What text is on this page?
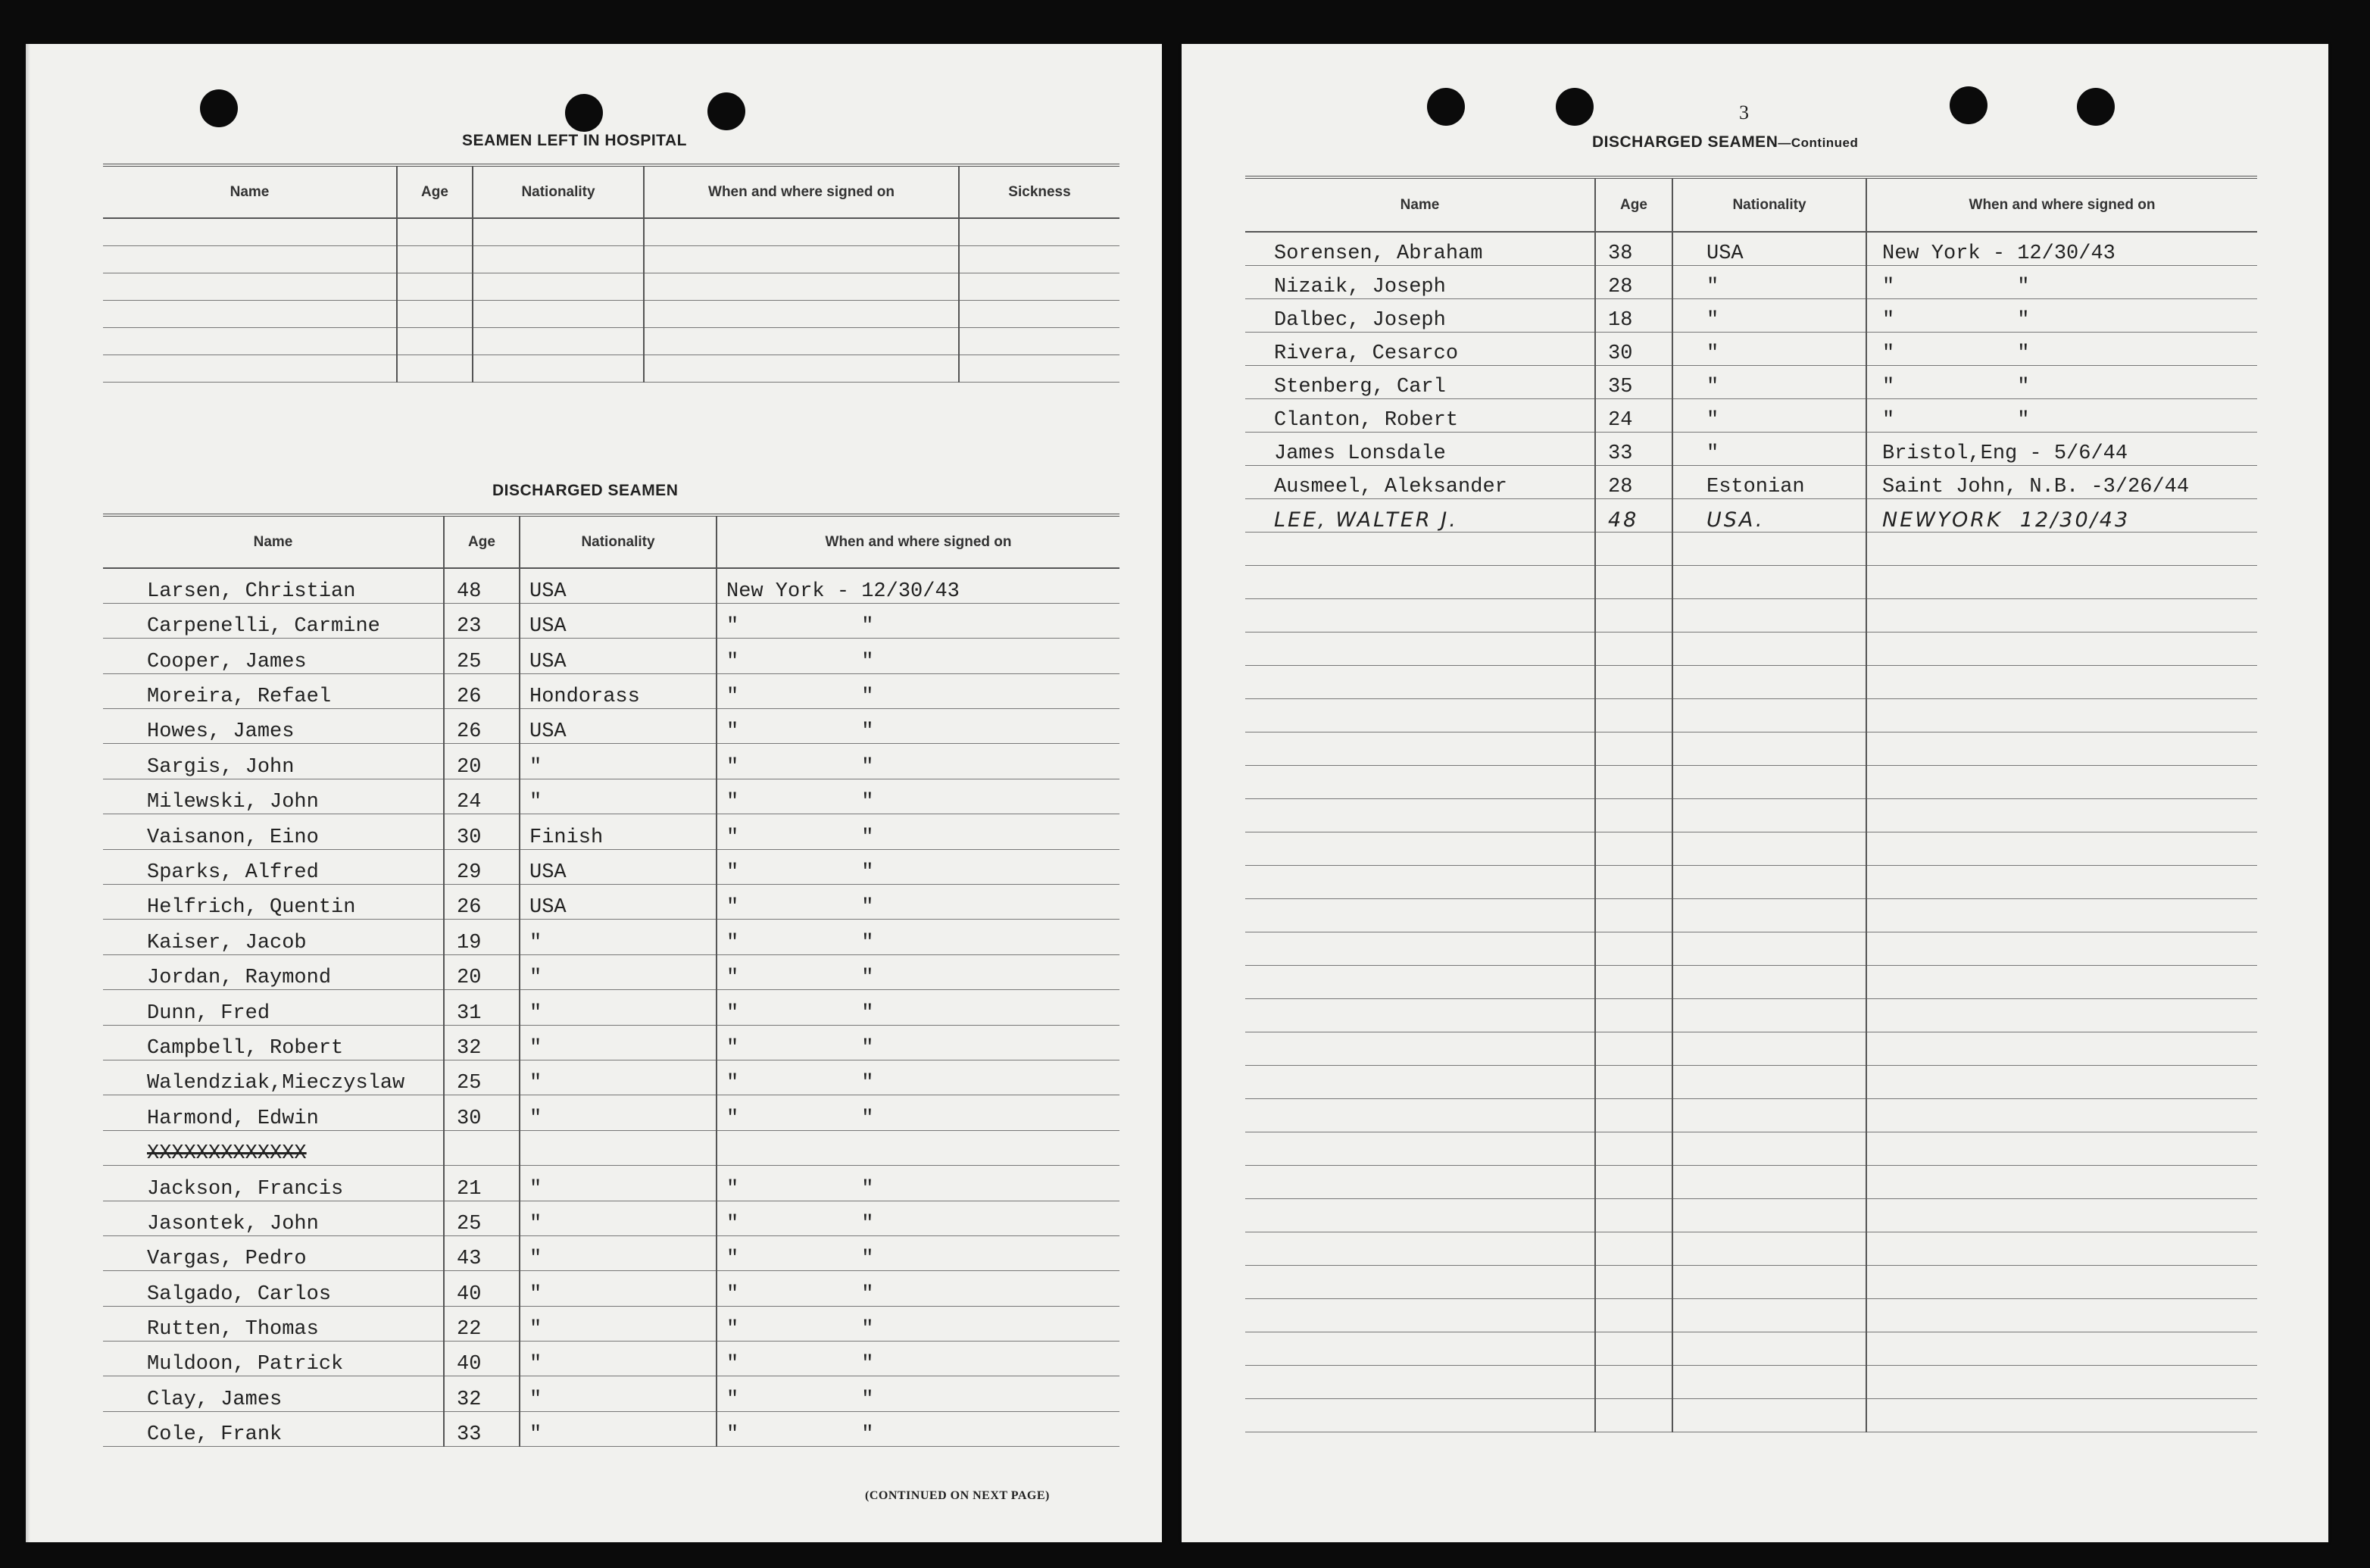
SEAMEN LEFT IN HOSPITAL
Name	Age	Nationality	When and where signed on	Sickness

DISCHARGED SEAMEN
Name	Age	Nationality	When and where signed on
Larsen, Christian	48	USA	New York - 12/30/43
Carpenelli, Carmine	23	USA	"          "
Cooper, James	25	USA	"          "
Moreira, Refael	26	Hondorass	"          "
Howes, James	26	USA	"          "
Sargis, John	20	"	"          "
Milewski, John	24	"	"          "
Vaisanon, Eino	30	Finish	"          "
Sparks, Alfred	29	USA	"          "
Helfrich, Quentin	26	USA	"          "
Kaiser, Jacob	19	"	"          "
Jordan, Raymond	20	"	"          "
Dunn, Fred	31	"	"          "
Campbell, Robert	32	"	"          "
Walendziak,Mieczyslaw	25	"	"          "
Harmond, Edwin	30	"	"          "
XXXXXXXXXXXXX			
Jackson, Francis	21	"	"          "
Jasontek, John	25	"	"          "
Vargas, Pedro	43	"	"          "
Salgado, Carlos	40	"	"          "
Rutten, Thomas	22	"	"          "
Muldoon, Patrick	40	"	"          "
Clay, James	32	"	"          "
Cole, Frank	33	"	"          "
(CONTINUED ON NEXT PAGE)
3
DISCHARGED SEAMEN—Continued
Name	Age	Nationality	When and where signed on
Sorensen, Abraham	38	USA	New York - 12/30/43
Nizaik, Joseph	28	"	"          "
Dalbec, Joseph	18	"	"          "
Rivera, Cesarco	30	"	"          "
Stenberg, Carl	35	"	"          "
Clanton, Robert	24	"	"          "
James Lonsdale	33	"	Bristol,Eng - 5/6/44
Ausmeel, Aleksander	28	Estonian	Saint John, N.B. -3/26/44
LEE, WALTER J.	48	USA.	NEWYORK  12/30/43
